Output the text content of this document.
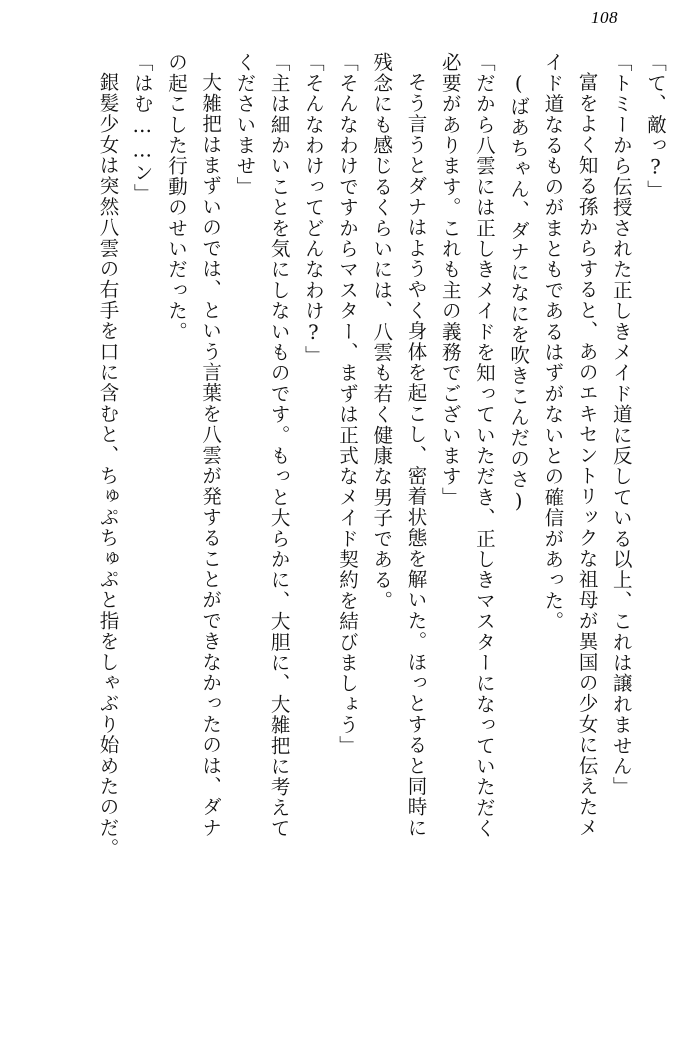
108
「て、敵っ?」
「トミーから伝授された正しきメイド道に反している以上、これは譲れません」
富をよく知る孫からすると、あのエキセントリックな祖母が異国の少女に伝えたメ
イド道なるものがまともであるはずがないとの確信があった。
(ばあちゃん、ダナになにを吹きこんだのさ)
「だから八雲には正しきメイドを知っていただき、正しきマスターになっていただく
必要があります。これも主の義務でございます」
そう言うとダナはようやく身体を起こし、密着状態を解いた。ほっとすると同時に
残念にも感じるくらいには、八雲も若く健康な男子である。
「そんなわけですからマスター、まずは正式なメイド契約を結びましょう」
「そんなわけってどんなわけ?」
「主は細かいことを気にしないものです。もっと大らかに、大胆に、大雑把に考えて
くださいませ」
大雑把はまずいのでは、という言葉を八雲が発することができなかったのは、ダナ
の起こした行動のせいだった。
「はむ……ン」
銀髪少女は突然八雲の右手を口に含むと、ちゅぷちゅぷと指をしゃぶり始めたのだ。
